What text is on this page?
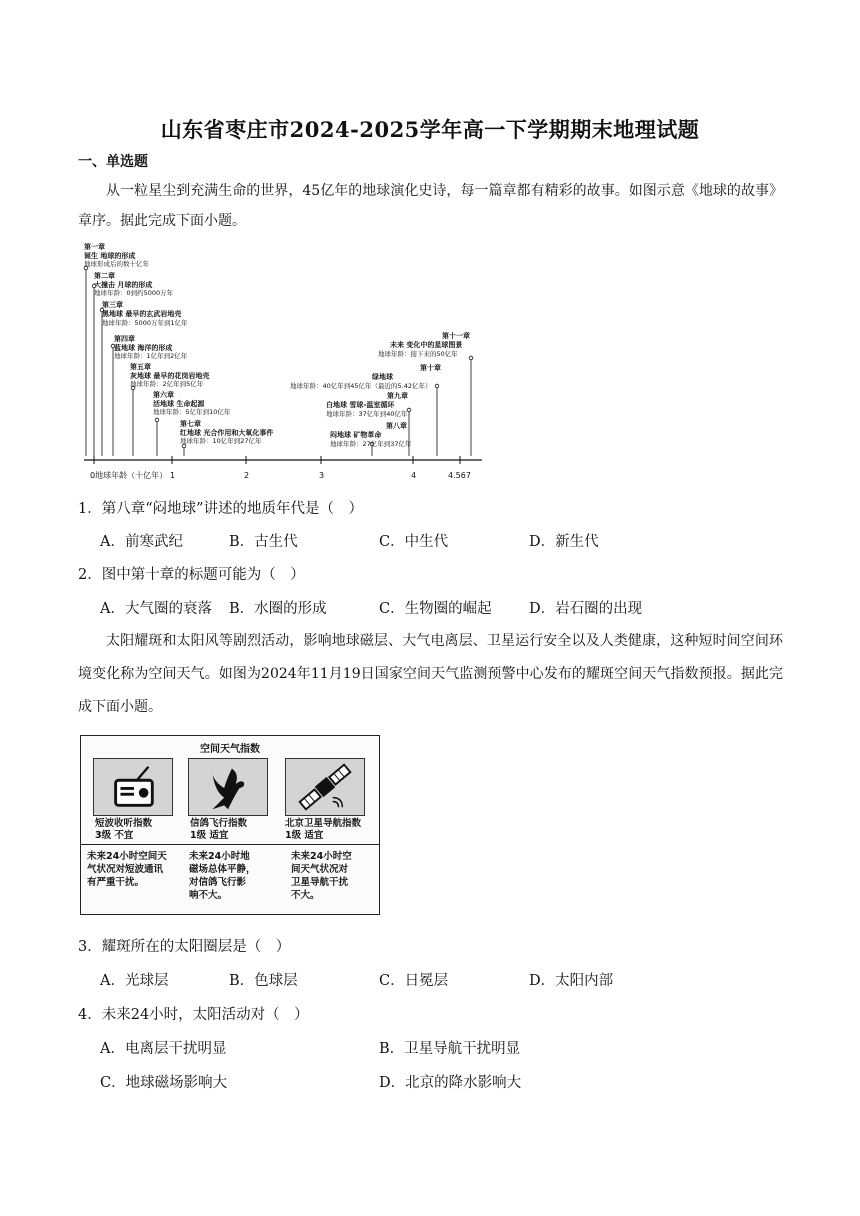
山东省枣庄市2024-2025学年高一下学期期末地理试题
一、单选题
从一粒星尘到充满生命的世界，45亿年的地球演化史诗，每一篇章都有精彩的故事。如图示意《地球的故事》章序。据此完成下面小题。
第一章
诞生 地球的形成
地球形成后的数十亿年
第二章
大撞击 月球的形成
地球年龄：0到约5000万年
第三章
黑地球 最早的玄武岩地壳
地球年龄：5000万年到1亿年
第四章
蓝地球 海洋的形成
地球年龄：1亿年到2亿年
第五章
灰地球 最早的花岗岩地壳
地球年龄：2亿年到5亿年
第六章
活地球 生命起源
地球年龄：5亿年到10亿年
第七章
红地球 光合作用和大氧化事件
地球年龄：10亿年到27亿年
第八章
闷地球 矿物革命
地球年龄：27亿年到37亿年
第九章
白地球 雪球-温室循环
地球年龄：37亿年到40亿年
第十章
绿地球
地球年龄：40亿年到45亿年（最近的5.42亿年）
第十一章
未来 变化中的星球图景
地球年龄：接下来的50亿年
0地球年龄（十亿年） 1	2	3	4	4.567
1．第八章“闷地球”讲述的地质年代是（　）
A．前寒武纪	B．古生代	C．中生代	D．新生代
2．图中第十章的标题可能为（　）
A．大气圈的衰落 B．水圈的形成	C．生物圈的崛起	D．岩石圈的出现
太阳耀斑和太阳风等剧烈活动，影响地球磁层、大气电离层、卫星运行安全以及人类健康，这种短时间空间环境变化称为空间天气。如图为2024年11月19日国家空间天气监测预警中心发布的耀斑空间天气指数预报。据此完成下面小题。
空间天气指数
短波收听指数
3级 不宜
信鸽飞行指数
1级 适宜
北京卫星导航指数
1级 适宜
未来24小时空间天
气状况对短波通讯
有严重干扰。
未来24小时地
磁场总体平静，
对信鸽飞行影
响不大。
未来24小时空
间天气状况对
卫星导航干扰
不大。
3．耀斑所在的太阳圈层是（　）
A．光球层	B．色球层	C．日冕层	D．太阳内部
4．未来24小时，太阳活动对（　）
A．电离层干扰明显	B．卫星导航干扰明显
C．地球磁场影响大	D．北京的降水影响大
